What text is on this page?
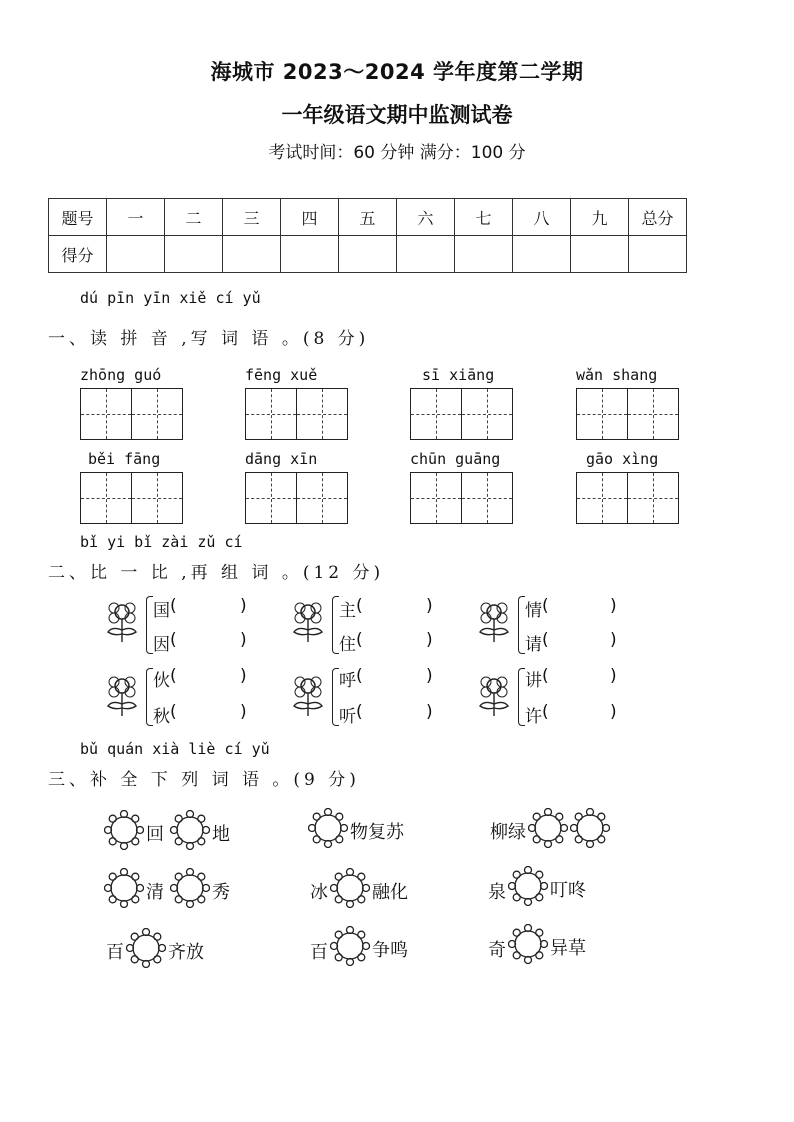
海城市 2023～2024 学年度第二学期
一年级语文期中监测试卷
考试时间：60 分钟 满分：100 分
题号	一	二	三	四	五	六	七	八	九	总分
得分										
dú pīn yīn xiě cí yǔ
一、读 拼 音 ,写 词 语 。(8 分)
zhōng guó	fēng xuě	sī xiāng	wǎn shang
běi fāng	dāng xīn	chūn guāng	gāo xìng
bǐ yi bǐ zài zǔ cí
二、比 一 比 ,再 组 词 。(12 分)
国 (	)
因 (	)
主 (	)
住 (	)
情 (	)
请 (	)
伙 (	)
秋 (	)
呼 (	)
听 (	)
讲 (	)
许 (	)
bǔ quán xià liè cí yǔ
三、补 全 下 列 词 语 。(9 分)
回	地	物复苏	柳绿
清	秀	冰 融化	泉 叮咚
百 齐放	百 争鸣	奇 异草
